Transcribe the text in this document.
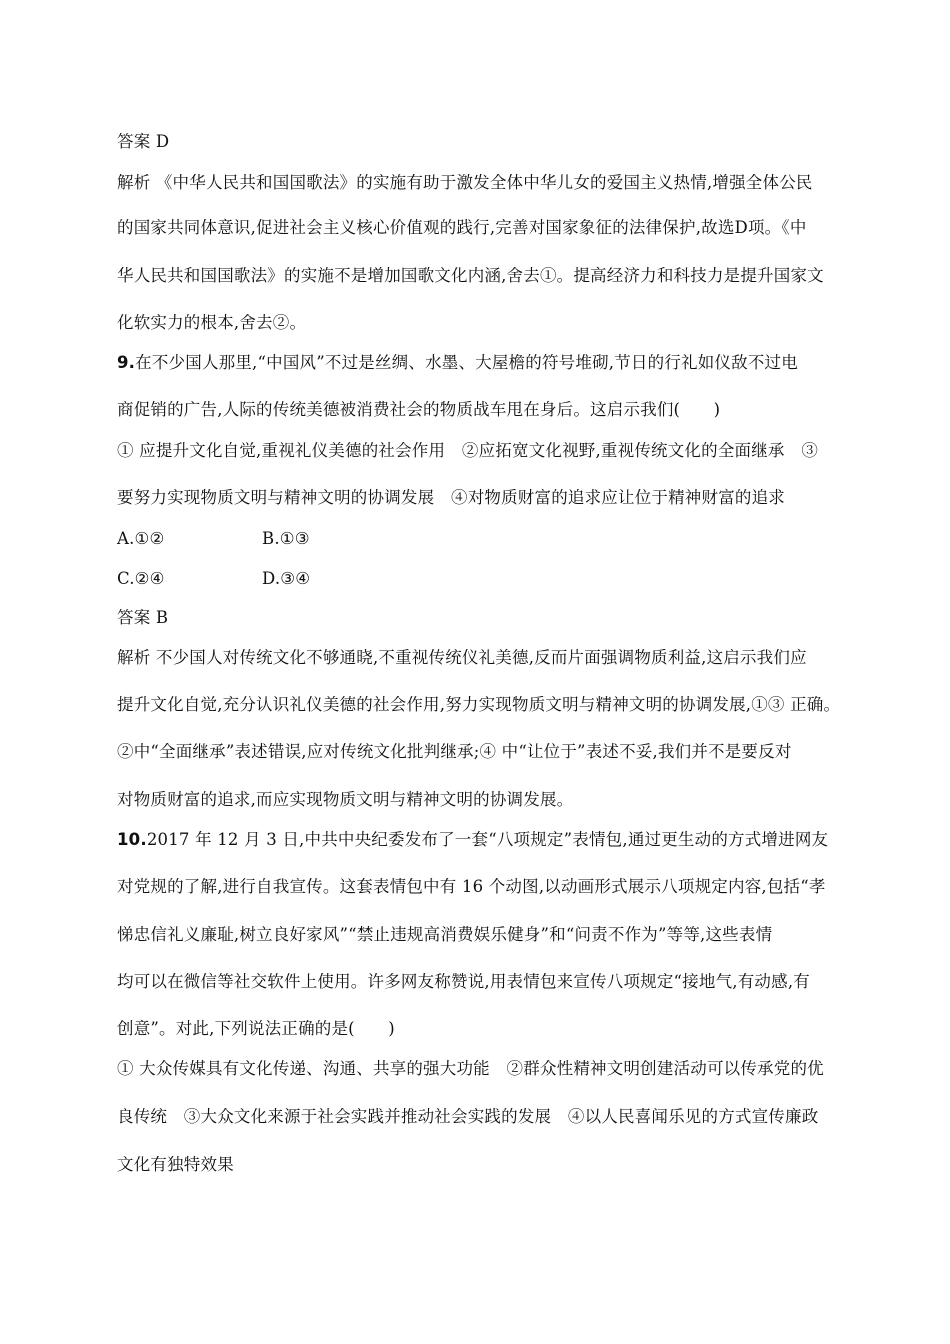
答案 D
解析 《中华人民共和国国歌法》的实施有助于激发全体中华儿女的爱国主义热情,增强全体公民
的国家共同体意识,促进社会主义核心价值观的践行,完善对国家象征的法律保护,故选D项。《中
华人民共和国国歌法》的实施不是增加国歌文化内涵,舍去①。提高经济力和科技力是提升国家文
化软实力的根本,舍去②。
9.在不少国人那里,“中国风”不过是丝绸、水墨、大屋檐的符号堆砌,节日的行礼如仪敌不过电
商促销的广告,人际的传统美德被消费社会的物质战车甩在身后。这启示我们(　　)
① 应提升文化自觉,重视礼仪美德的社会作用　②应拓宽文化视野,重视传统文化的全面继承　③
要努力实现物质文明与精神文明的协调发展　④对物质财富的追求应让位于精神财富的追求
A.①②	B.①③
C.②④	D.③④
答案 B
解析 不少国人对传统文化不够通晓,不重视传统仪礼美德,反而片面强调物质利益,这启示我们应
提升文化自觉,充分认识礼仪美德的社会作用,努力实现物质文明与精神文明的协调发展,①③ 正确。
②中“全面继承”表述错误,应对传统文化批判继承;④ 中“让位于”表述不妥,我们并不是要反对
对物质财富的追求,而应实现物质文明与精神文明的协调发展。
10.2017 年 12 月 3 日,中共中央纪委发布了一套“八项规定”表情包,通过更生动的方式增进网友
对党规的了解,进行自我宣传。这套表情包中有 16 个动图,以动画形式展示八项规定内容,包括“孝
悌忠信礼义廉耻,树立良好家风”“禁止违规高消费娱乐健身”和“问责不作为”等等,这些表情
均可以在微信等社交软件上使用。许多网友称赞说,用表情包来宣传八项规定“接地气,有动感,有
创意”。对此,下列说法正确的是(　　)
① 大众传媒具有文化传递、沟通、共享的强大功能　②群众性精神文明创建活动可以传承党的优
良传统　③大众文化来源于社会实践并推动社会实践的发展　④以人民喜闻乐见的方式宣传廉政
文化有独特效果
